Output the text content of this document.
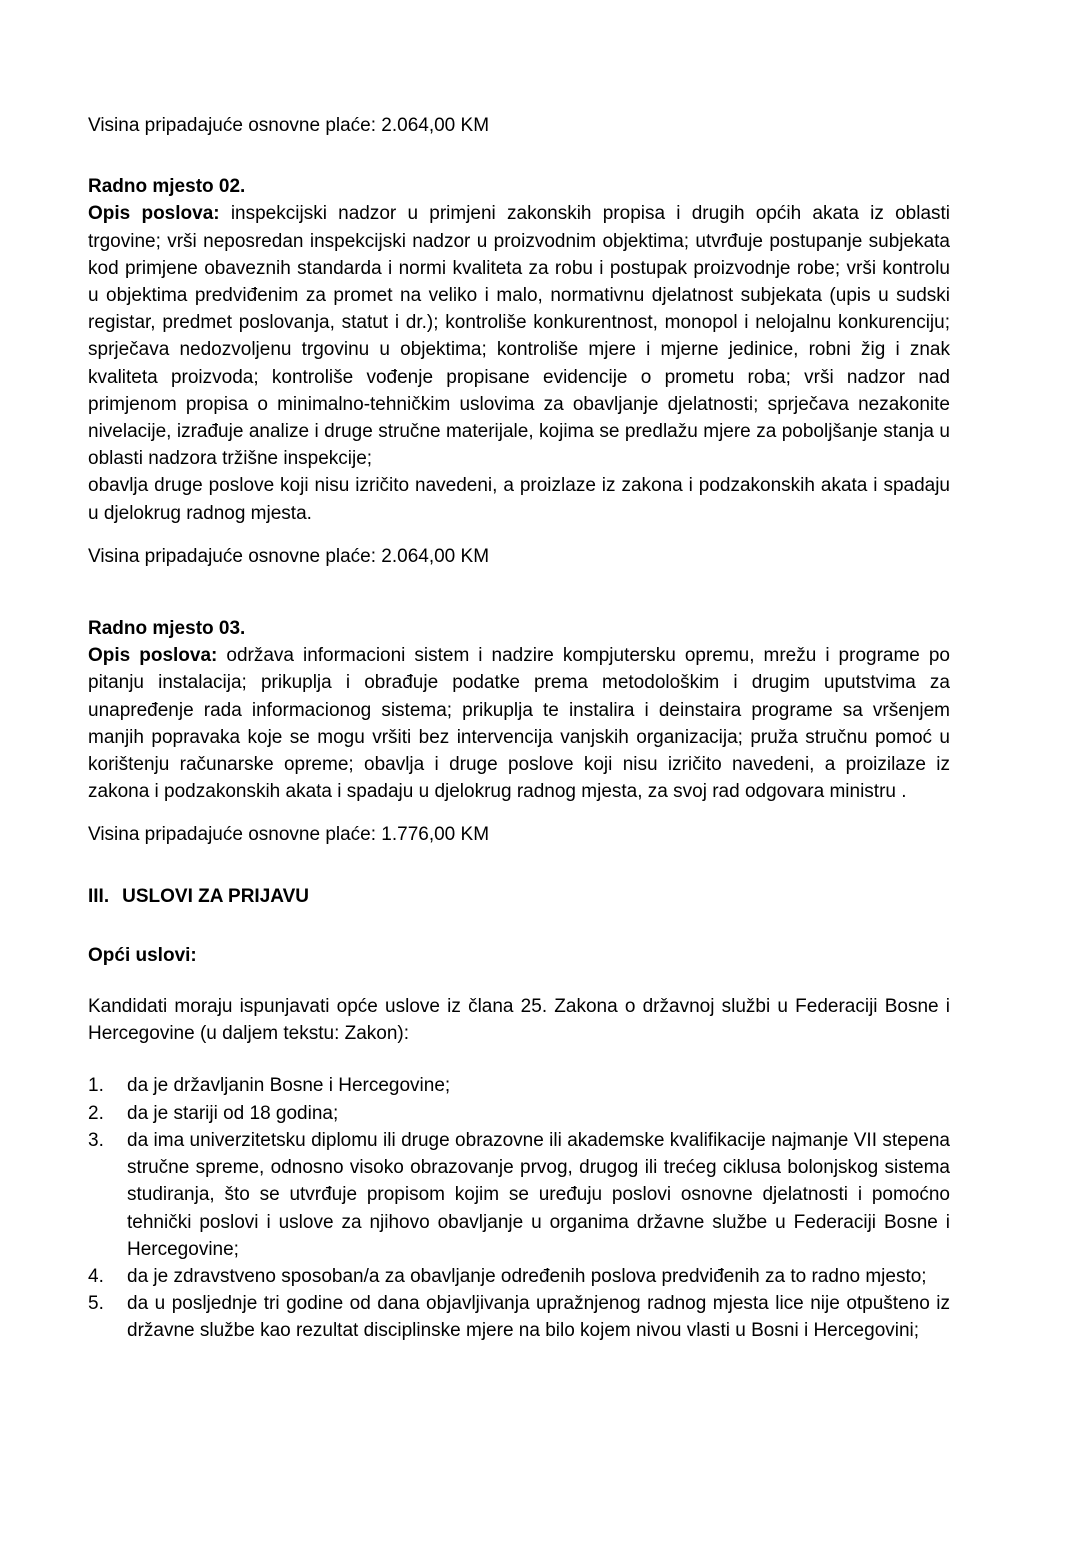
Visina pripadajuće osnovne plaće: 2.064,00 KM

Radno mjesto 02.

Opis poslova: inspekcijski nadzor u primjeni zakonskih propisa i drugih općih akata iz oblasti trgovine; vrši neposredan inspekcijski nadzor u proizvodnim objektima; utvrđuje postupanje subjekata kod primjene obaveznih standarda i normi kvaliteta za robu i postupak proizvodnje robe; vrši kontrolu u objektima predviđenim za promet na veliko i malo, normativnu djelatnost subjekata (upis u sudski registar, predmet poslovanja, statut i dr.); kontroliše konkurentnost, monopol i nelojalnu konkurenciju; sprječava nedozvoljenu trgovinu u objektima; kontroliše mjere i mjerne jedinice, robni žig i znak kvaliteta proizvoda; kontroliše vođenje propisane evidencije o prometu roba; vrši nadzor nad primjenom propisa o minimalno-tehničkim uslovima za obavljanje djelatnosti; sprječava nezakonite nivelacije, izrađuje analize i druge stručne materijale, kojima se predlažu mjere za poboljšanje stanja u oblasti nadzora tržišne inspekcije;
obavlja druge poslove koji nisu izričito navedeni, a proizlaze iz zakona i podzakonskih akata i spadaju u djelokrug radnog mjesta.

Visina pripadajuće osnovne plaće: 2.064,00 KM

Radno mjesto 03.

Opis poslova: održava informacioni sistem i nadzire kompjutersku opremu, mrežu i programe po pitanju instalacija; prikuplja i obrađuje podatke prema metodološkim i drugim uputstvima za unapređenje rada informacionog sistema; prikuplja te instalira i deinstaira programe sa vršenjem manjih popravaka koje se mogu vršiti bez intervencija vanjskih organizacija; pruža stručnu pomoć u korištenju računarske opreme; obavlja i druge poslove koji nisu izričito navedeni, a proizilaze iz zakona i podzakonskih akata i spadaju u djelokrug radnog mjesta, za svoj rad odgovara ministru .

Visina pripadajuće osnovne plaće: 1.776,00 KM

III. USLOVI ZA PRIJAVU
Opći uslovi:

Kandidati moraju ispunjavati opće uslove iz člana 25. Zakona o državnoj službi u Federaciji Bosne i Hercegovine (u daljem tekstu: Zakon):

1.	da je državljanin Bosne i Hercegovine;
2.	da je stariji od 18 godina;
3.	da ima univerzitetsku diplomu ili druge obrazovne ili akademske kvalifikacije najmanje VII stepena stručne spreme, odnosno visoko obrazovanje prvog, drugog ili trećeg ciklusa bolonjskog sistema studiranja, što se utvrđuje propisom kojim se uređuju poslovi osnovne djelatnosti i pomoćno tehnički poslovi i uslove za njihovo obavljanje u organima državne službe u Federaciji Bosne i Hercegovine;
4.	da je zdravstveno sposoban/a za obavljanje određenih poslova predviđenih za to radno mjesto;
5.	da u posljednje tri godine od dana objavljivanja upražnjenog radnog mjesta lice nije otpušteno iz državne službe kao rezultat disciplinske mjere na bilo kojem nivou vlasti u Bosni i Hercegovini;
